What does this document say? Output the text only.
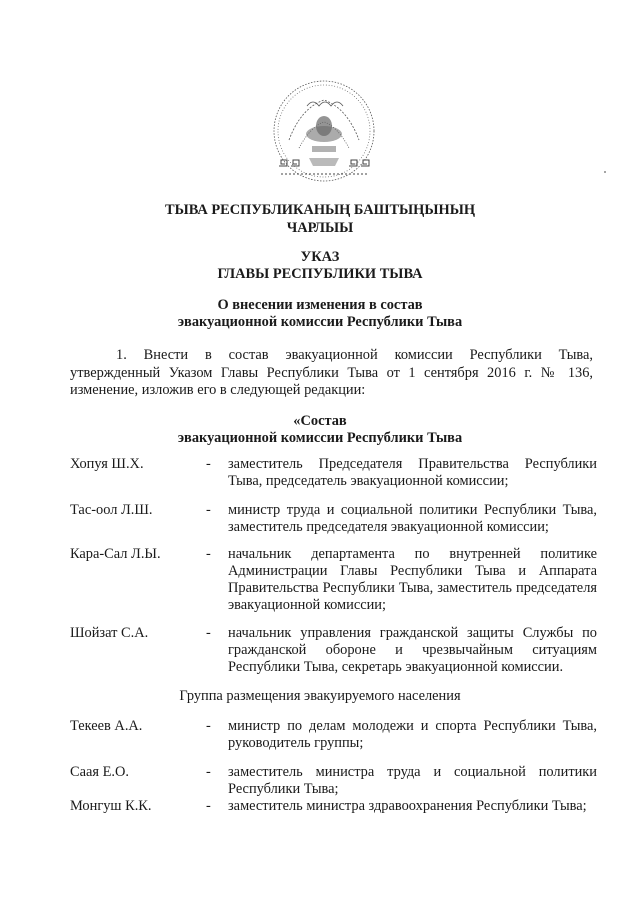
ТЫВА РЕСПУБЛИКАНЫҢ БАШТЫҢЫНЫҢ
ЧАРЛЫЫ
УКАЗ
ГЛАВЫ РЕСПУБЛИКИ ТЫВА
О внесении изменения в состав
эвакуационной комиссии Республики Тыва
1. Внести в состав эвакуационной комиссии Республики Тыва,
утвержденный Указом Главы Республики Тыва от 1 сентября 2016 г. № 136,
изменение, изложив его в следующей редакции:
«Состав
эвакуационной комиссии Республики Тыва
Хопуя Ш.Х.	-	заместитель Председателя Правительства Республики Тыва, председатель эвакуационной комиссии;
Тас-оол Л.Ш.	-	министр труда и социальной политики Республики Тыва, заместитель председателя эвакуационной комиссии;
Кара-Сал Л.Ы.	-	начальник департамента по внутренней политике Администрации Главы Республики Тыва и Аппарата Правительства Республики Тыва, заместитель председателя эвакуационной комиссии;
Шойзат С.А.	-	начальник управления гражданской защиты Службы по гражданской обороне и чрезвычайным ситуациям Республики Тыва, секретарь эвакуационной комиссии.
Группа размещения эвакуируемого населения
Текеев А.А.	-	министр по делам молодежи и спорта Республики Тыва, руководитель группы;
Саая Е.О.	-	заместитель министра труда и социальной политики Республики Тыва;
Монгуш К.К.	-	заместитель министра здравоохранения Республики Тыва;
